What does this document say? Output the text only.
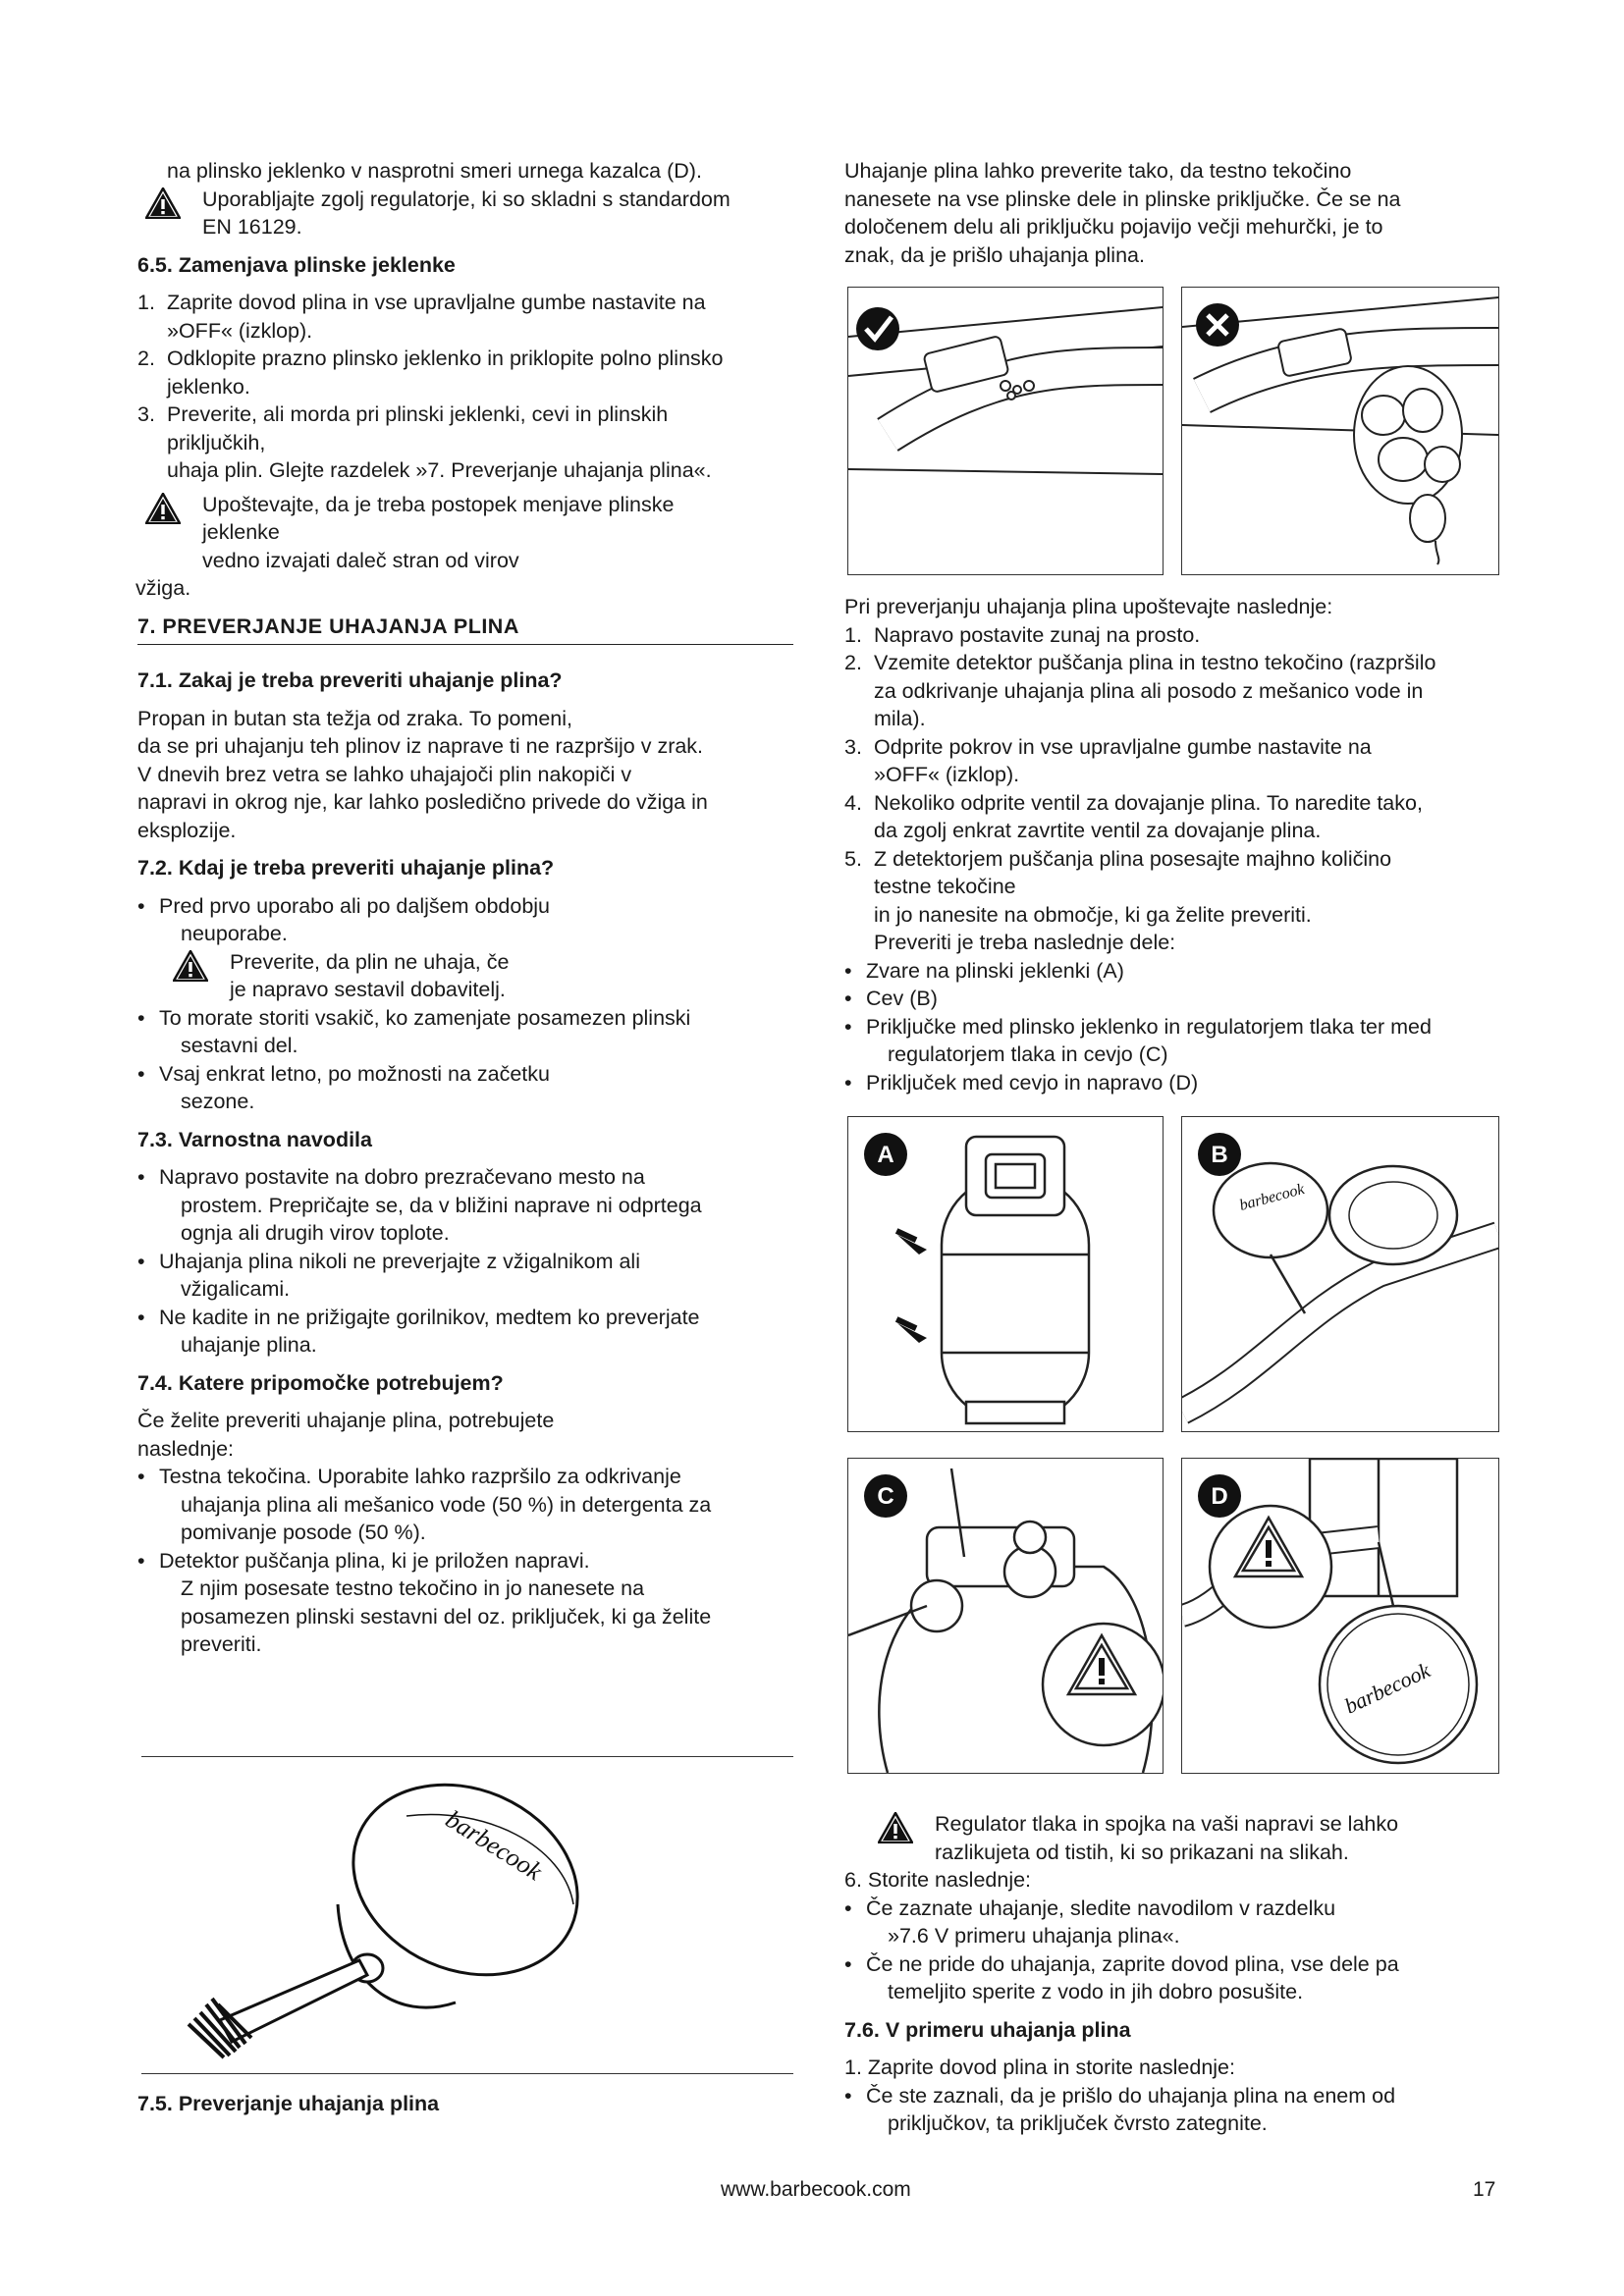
na plinsko jeklenko v nasprotni smeri urnega kazalca (D).

Uporabljajte zgolj regulatorje, ki so skladni s standardom

EN 16129.

6.5. Zamenjava plinske jeklenke

1. Zaprite dovod plina in vse upravljalne gumbe nastavite na

»OFF« (izklop).

2. Odklopite prazno plinsko jeklenko in priklopite polno plinsko

jeklenko.

3. Preverite, ali morda pri plinski jeklenki, cevi in plinskih

priključkih,

uhaja plin. Glejte razdelek »7. Preverjanje uhajanja plina«.

Upoštevajte, da je treba postopek menjave plinske

jeklenke

vedno izvajati daleč stran od virov

vžiga.

7. PREVERJANJE UHAJANJA PLINA

7.1. Zakaj je treba preveriti uhajanje plina?

Propan in butan sta težja od zraka. To pomeni,

da se pri uhajanju teh plinov iz naprave ti ne razpršijo v zrak.

V dnevih brez vetra se lahko uhajajoči plin nakopiči v

napravi in okrog nje, kar lahko posledično privede do vžiga in

eksplozije.

7.2. Kdaj je treba preveriti uhajanje plina?

• Pred prvo uporabo ali po daljšem obdobju

neuporabe.

Preverite, da plin ne uhaja, če

je napravo sestavil dobavitelj.

• To morate storiti vsakič, ko zamenjate posamezen plinski

sestavni del.

• Vsaj enkrat letno, po možnosti na začetku

sezone.

7.3. Varnostna navodila

• Napravo postavite na dobro prezračevano mesto na

prostem. Prepričajte se, da v bližini naprave ni odprtega

ognja ali drugih virov toplote.

• Uhajanja plina nikoli ne preverjajte z vžigalnikom ali

vžigalicami.

• Ne kadite in ne prižigajte gorilnikov, medtem ko preverjate

uhajanje plina.

7.4. Katere pripomočke potrebujem?

Če želite preveriti uhajanje plina, potrebujete

naslednje:

• Testna tekočina. Uporabite lahko razpršilo za odkrivanje

uhajanja plina ali mešanico vode (50 %) in detergenta za

pomivanje posode (50 %).

• Detektor puščanja plina, ki je priložen napravi.

Z njim posesate testno tekočino in jo nanesete na

posamezen plinski sestavni del oz. priključek, ki ga želite

preveriti.

barbecook

7.5. Preverjanje uhajanja plina

Uhajanje plina lahko preverite tako, da testno tekočino

nanesete na vse plinske dele in plinske priključke. Če se na

določenem delu ali priključku pojavijo večji mehurčki, je to

znak, da je prišlo uhajanja plina.

Pri preverjanju uhajanja plina upoštevajte naslednje:

1. Napravo postavite zunaj na prosto.

2. Vzemite detektor puščanja plina in testno tekočino (razpršilo

za odkrivanje uhajanja plina ali posodo z mešanico vode in

mila).

3. Odprite pokrov in vse upravljalne gumbe nastavite na

»OFF« (izklop).

4. Nekoliko odprite ventil za dovajanje plina. To naredite tako,

da zgolj enkrat zavrtite ventil za dovajanje plina.

5. Z detektorjem puščanja plina posesajte majhno količino

testne tekočine

in jo nanesite na območje, ki ga želite preveriti.

Preveriti je treba naslednje dele:

• Zvare na plinski jeklenki (A)

• Cev (B)

• Priključke med plinsko jeklenko in regulatorjem tlaka ter med

regulatorjem tlaka in cevjo (C)

• Priključek med cevjo in napravo (D)

A	B
barbecook
C	D
barbecook

Regulator tlaka in spojka na vaši napravi se lahko

razlikujeta od tistih, ki so prikazani na slikah.

6. Storite naslednje:

• Če zaznate uhajanje, sledite navodilom v razdelku

»7.6 V primeru uhajanja plina«.

• Če ne pride do uhajanja, zaprite dovod plina, vse dele pa

temeljito sperite z vodo in jih dobro posušite.

7.6. V primeru uhajanja plina

1. Zaprite dovod plina in storite naslednje:

• Če ste zaznali, da je prišlo do uhajanja plina na enem od

priključkov, ta priključek čvrsto zategnite.

www.barbecook.com	17
